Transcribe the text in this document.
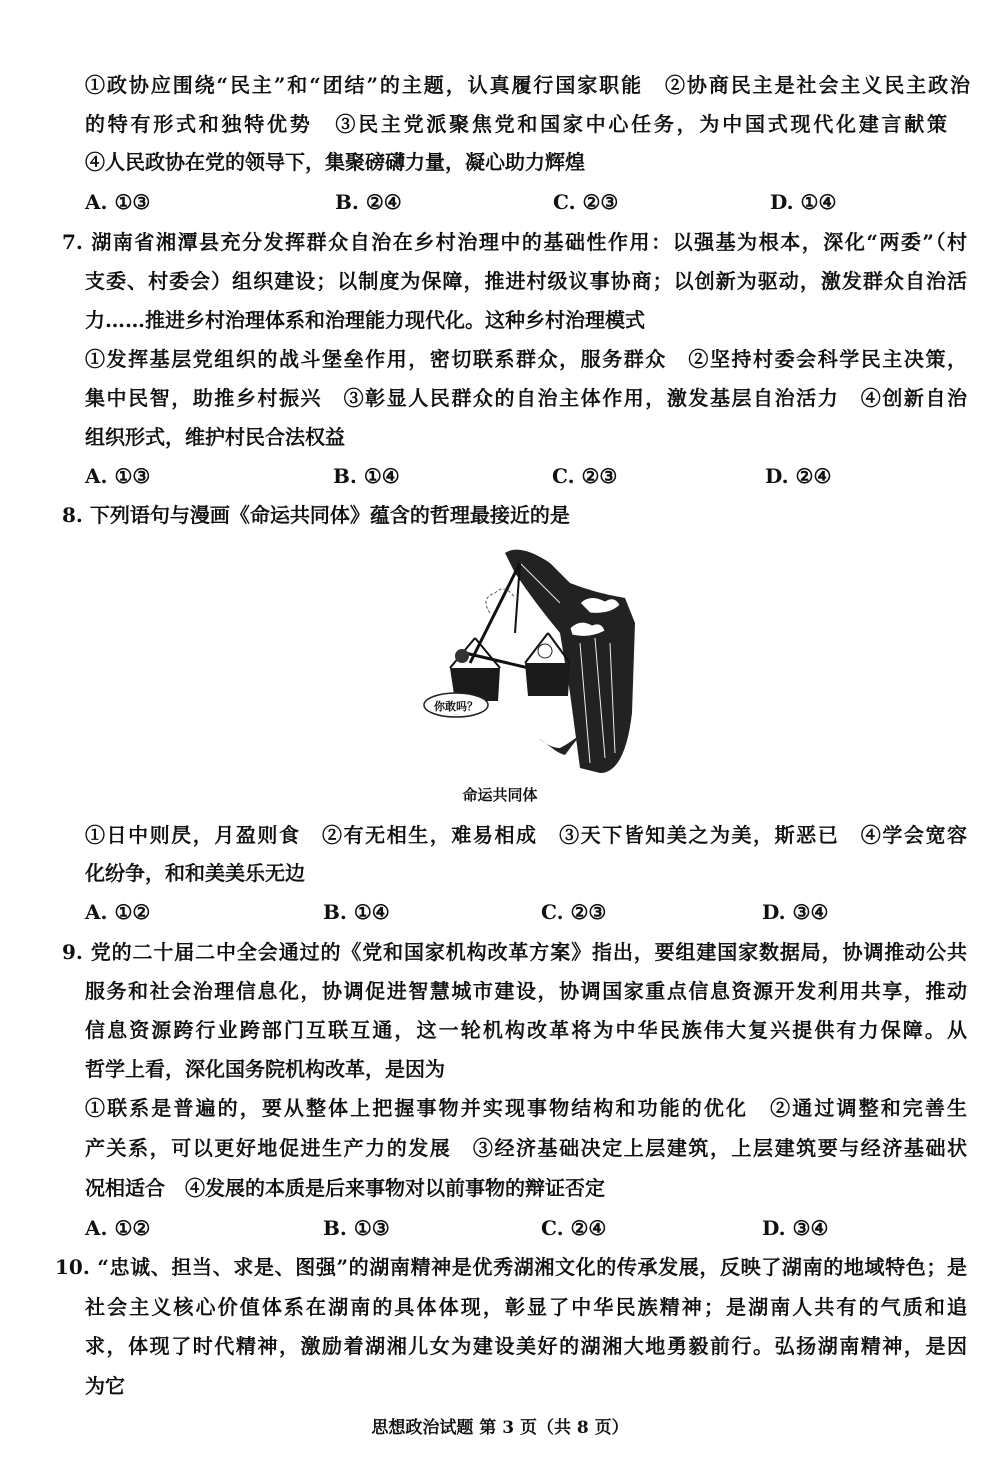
①政协应围绕“民主”和“团结”的主题，认真履行国家职能　②协商民主是社会主义民主政治
的特有形式和独特优势　③民主党派聚焦党和国家中心任务，为中国式现代化建言献策
④人民政协在党的领导下，集聚磅礴力量，凝心助力辉煌
A. ①③	B. ②④	C. ②③	D. ①④
7. 湖南省湘潭县充分发挥群众自治在乡村治理中的基础性作用：以强基为根本，深化“两委”（村
支委、村委会）组织建设；以制度为保障，推进村级议事协商；以创新为驱动，激发群众自治活
力……推进乡村治理体系和治理能力现代化。这种乡村治理模式
①发挥基层党组织的战斗堡垒作用，密切联系群众，服务群众　②坚持村委会科学民主决策，
集中民智，助推乡村振兴　③彰显人民群众的自治主体作用，激发基层自治活力　④创新自治
组织形式，维护村民合法权益
A. ①③	B. ①④	C. ②③	D. ②④
8. 下列语句与漫画《命运共同体》蕴含的哲理最接近的是
你敢吗？
命运共同体
①日中则昃，月盈则食　②有无相生，难易相成　③天下皆知美之为美，斯恶已　④学会宽容
化纷争，和和美美乐无边
A. ①②	B. ①④	C. ②③	D. ③④
9. 党的二十届二中全会通过的《党和国家机构改革方案》指出，要组建国家数据局，协调推动公共
服务和社会治理信息化，协调促进智慧城市建设，协调国家重点信息资源开发利用共享，推动
信息资源跨行业跨部门互联互通，这一轮机构改革将为中华民族伟大复兴提供有力保障。从
哲学上看，深化国务院机构改革，是因为
①联系是普遍的，要从整体上把握事物并实现事物结构和功能的优化　②通过调整和完善生
产关系，可以更好地促进生产力的发展　③经济基础决定上层建筑，上层建筑要与经济基础状
况相适合　④发展的本质是后来事物对以前事物的辩证否定
A. ①②	B. ①③	C. ②④	D. ③④
10. “忠诚、担当、求是、图强”的湖南精神是优秀湖湘文化的传承发展，反映了湖南的地域特色；是
社会主义核心价值体系在湖南的具体体现，彰显了中华民族精神；是湖南人共有的气质和追
求，体现了时代精神，激励着湖湘儿女为建设美好的湖湘大地勇毅前行。弘扬湖南精神，是因
为它
思想政治试题 第 3 页（共 8 页）
